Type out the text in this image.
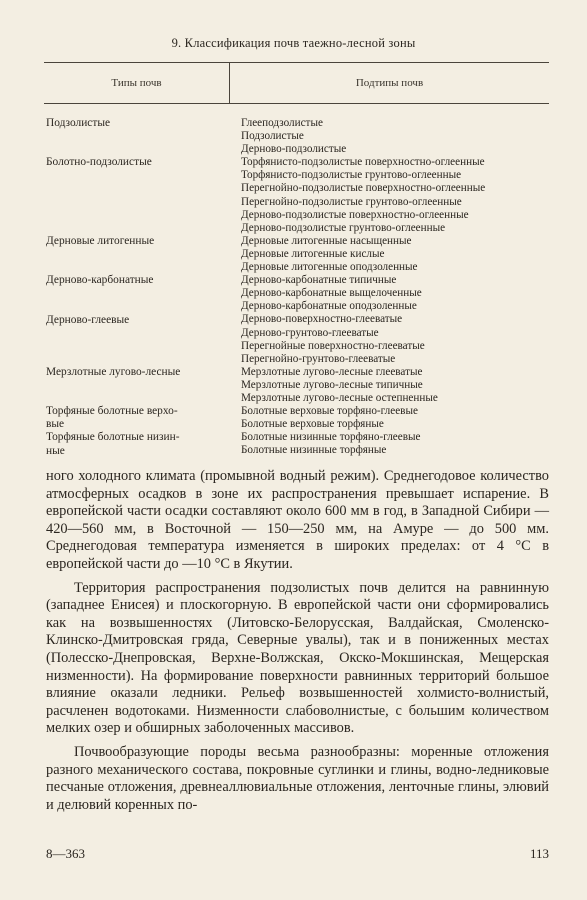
9. Классификация почв таежно-лесной зоны
Типы почв	Подтипы почв
Подзолистые
Болотно-подзолистые
Дерновые литогенные
Дерново-карбонатные
Дерново-глеевые
Мерзлотные лугово-лесные
Торфяные болотные верхо-
вые
Торфяные болотные низин-
ные
Глееподзолистые
Подзолистые
Дерново-подзолистые
Торфянисто-подзолистые поверхностно-оглеенные
Торфянисто-подзолистые грунтово-оглеенные
Перегнойно-подзолистые поверхностно-оглеенные
Перегнойно-подзолистые грунтово-оглеенные
Дерново-подзолистые поверхностно-оглеенные
Дерново-подзолистые грунтово-оглеенные
Дерновые литогенные насыщенные
Дерновые литогенные кислые
Дерновые литогенные оподзоленные
Дерново-карбонатные типичные
Дерново-карбонатные выщелоченные
Дерново-карбонатные оподзоленные
Дерново-поверхностно-глееватые
Дерново-грунтово-глееватые
Перегнойные поверхностно-глееватые
Перегнойно-грунтово-глееватые
Мерзлотные лугово-лесные глееватые
Мерзлотные лугово-лесные типичные
Мерзлотные лугово-лесные остепненные
Болотные верховые торфяно-глеевые
Болотные верховые торфяные
Болотные низинные торфяно-глеевые
Болотные низинные торфяные

ного холодного климата (промывной водный режим). Среднегодовое количество атмосферных осадков в зоне их распространения превышает испарение. В европейской части осадки составляют около 600 мм в год, в Западной Сибири — 420—560 мм, в Восточной — 150—250 мм, на Амуре — до 500 мм. Среднегодовая температура изменяется в широких пределах: от 4 °C в европейской части до —10 °C в Якутии.

Территория распространения подзолистых почв делится на равнинную (западнее Енисея) и плоскогорную. В европейской части они сформировались как на возвышенностях (Литовско-Белорусская, Валдайская, Смоленско-Клинско-Дмитровская гряда, Северные увалы), так и в пониженных местах (Полесско-Днепровская, Верхне-Волжская, Окско-Мокшинская, Мещерская низменности). На формирование поверхности равнинных территорий большое влияние оказали ледники. Рельеф возвышенностей холмисто-волнистый, расчленен водотоками. Низменности слабоволнистые, с большим количеством мелких озер и обширных заболоченных массивов.

Почвообразующие породы весьма разнообразны: моренные отложения разного механического состава, покровные суглинки и глины, водно-ледниковые песчаные отложения, древнеаллювиальные отложения, ленточные глины, элювий и делювий коренных по-

8—363	113
